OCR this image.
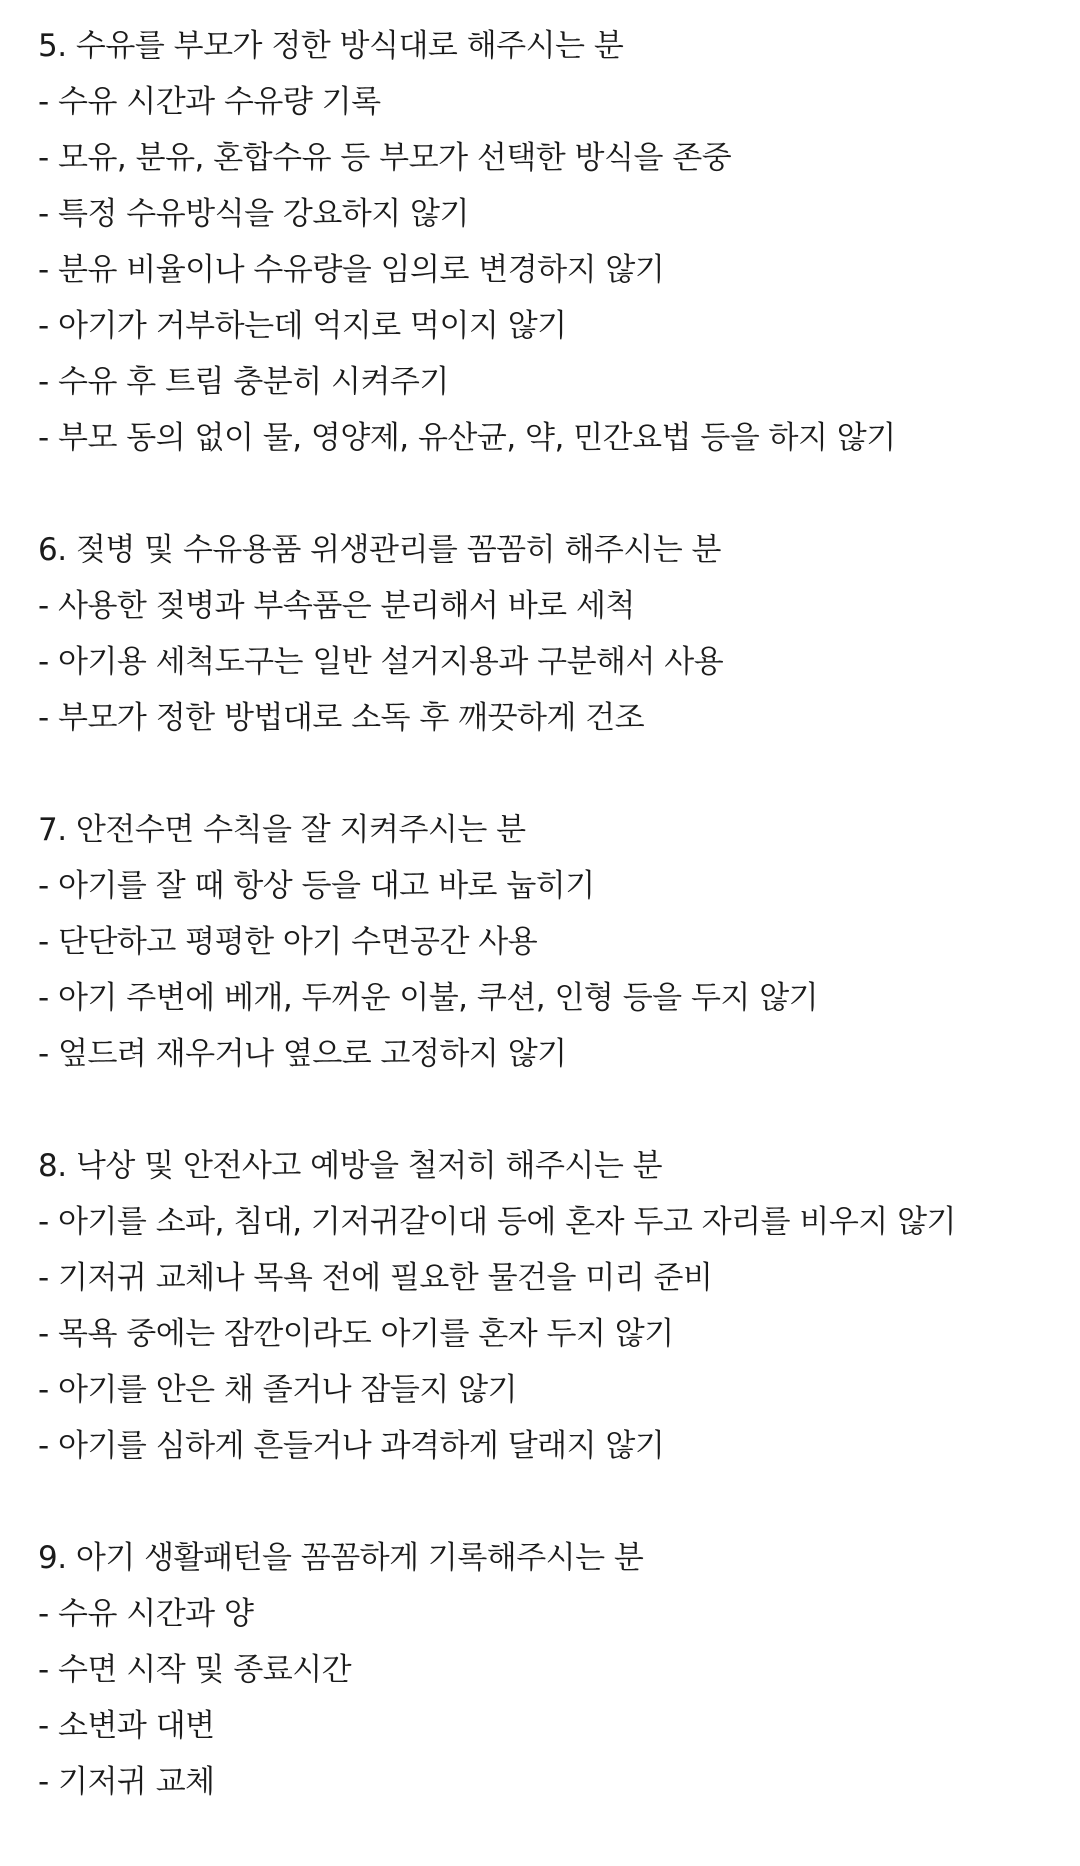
5. 수유를 부모가 정한 방식대로 해주시는 분
- 수유 시간과 수유량 기록
- 모유, 분유, 혼합수유 등 부모가 선택한 방식을 존중
- 특정 수유방식을 강요하지 않기
- 분유 비율이나 수유량을 임의로 변경하지 않기
- 아기가 거부하는데 억지로 먹이지 않기
- 수유 후 트림 충분히 시켜주기
- 부모 동의 없이 물, 영양제, 유산균, 약, 민간요법 등을 하지 않기
6. 젖병 및 수유용품 위생관리를 꼼꼼히 해주시는 분
- 사용한 젖병과 부속품은 분리해서 바로 세척
- 아기용 세척도구는 일반 설거지용과 구분해서 사용
- 부모가 정한 방법대로 소독 후 깨끗하게 건조
7. 안전수면 수칙을 잘 지켜주시는 분
- 아기를 잘 때 항상 등을 대고 바로 눕히기
- 단단하고 평평한 아기 수면공간 사용
- 아기 주변에 베개, 두꺼운 이불, 쿠션, 인형 등을 두지 않기
- 엎드려 재우거나 옆으로 고정하지 않기
8. 낙상 및 안전사고 예방을 철저히 해주시는 분
- 아기를 소파, 침대, 기저귀갈이대 등에 혼자 두고 자리를 비우지 않기
- 기저귀 교체나 목욕 전에 필요한 물건을 미리 준비
- 목욕 중에는 잠깐이라도 아기를 혼자 두지 않기
- 아기를 안은 채 졸거나 잠들지 않기
- 아기를 심하게 흔들거나 과격하게 달래지 않기
9. 아기 생활패턴을 꼼꼼하게 기록해주시는 분
- 수유 시간과 양
- 수면 시작 및 종료시간
- 소변과 대변
- 기저귀 교체
